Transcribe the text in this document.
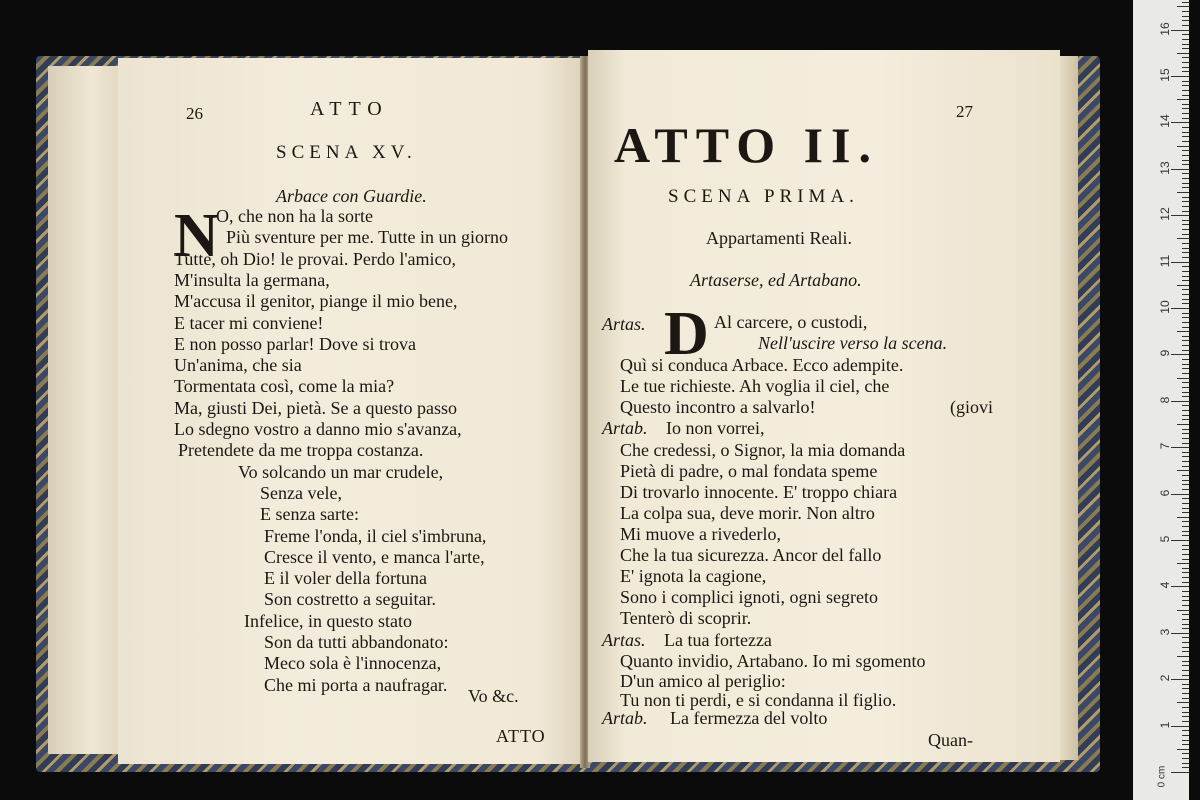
26	ATTO
SCENA XV.
Arbace con Guardie.
N
O, che non ha la sorte
Più sventure per me. Tutte in un giorno
Tutte, oh Dio! le provai. Perdo l'amico,
M'insulta la germana,
M'accusa il genitor, piange il mio bene,
E tacer mi conviene!
E non posso parlar! Dove si trova
Un'anima, che sia
Tormentata così, come la mia?
Ma, giusti Dei, pietà. Se a questo passo
Lo sdegno vostro a danno mio s'avanza,
Pretendete da me troppa costanza.
Vo solcando un mar crudele,
Senza vele,
E senza sarte:
Freme l'onda, il ciel s'imbruna,
Cresce il vento, e manca l'arte,
E il voler della fortuna
Son costretto a seguitar.
Infelice, in questo stato
Son da tutti abbandonato:
Meco sola è l'innocenza,
Che mi porta a naufragar.
Vo &c.
ATTO
27
ATTO II.
SCENA PRIMA.
Appartamenti Reali.
Artaserse, ed Artabano.
Artas. D Al carcere, o custodi,
Nell'uscire verso la scena.
Quì si conduca Arbace. Ecco adempite.
Le tue richieste. Ah voglia il ciel, che
Questo incontro a salvarlo!	(giovi
Artab. Io non vorrei,
Che credessi, o Signor, la mia domanda
Pietà di padre, o mal fondata speme
Di trovarlo innocente. E' troppo chiara
La colpa sua, deve morir. Non altro
Mi muove a rivederlo,
Che la tua sicurezza. Ancor del fallo
E' ignota la cagione,
Sono i complici ignoti, ogni segreto
Tenterò di scoprir.
Artas. La tua fortezza
Quanto invidio, Artabano. Io mi sgomento
D'un amico al periglio:
Tu non ti perdi, e si condanna il figlio.
Artab. La fermezza del volto
Quan-
0 cm
1
2
3
4
5
6
7
8
9
10
11
12
13
14
15
16
